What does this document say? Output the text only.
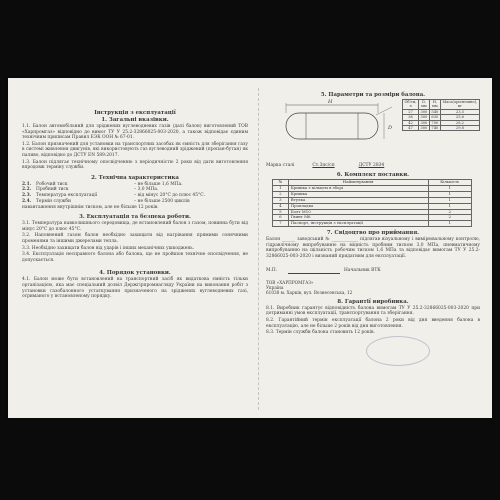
Інструкція з експлуатації
1. Загальні вказівки.

1.1. Балон автомобільний для зріджених вуглеводневих газів (далі балон) виготовлений ТОВ «Харпромгаз» відповідно до вимог ТУ У 25.2-32866025-003-2020, а також відповідає єдиним технічним приписам Правил ЕЭК ООН № 67-01.

1.2. Балон призначений для установки на транспортних засобах як ємність для зберігання газу в системі живлення двигунів, які використовують газ вуглеводний зріджений (пропан-бутан) як паливо, відповідно до ДСТУ EN 589:2017.

1.3. Балон підлягає технічному опосвідченню з періодичністю 2 роки від дати виготовлення впродовж терміну служби.

2. Технічна характеристика
2.1.	Робочий тиск	– не більше 1,6 МПа.
2.2.	Пробний тиск	– 3,0 МПа.
2.3.	Температура експлуатації	– від мінус 20°С до плюс 45°С.
2.4.	Термін служби	– не більше 2500 циклів

навантаження внутрішнім тиском, але не більше 12 років.

3. Експлуатація та безпека роботи.

3.1. Температура навколишнього середовища, де встановлений балон з газом, повинна бути від мінус 20°С до плюс 45°С.

3.2. Наповнений газом балон необхідно захищати від нагрівання прямими сонячними променями та іншими джерелами тепла.

3.3. Необхідно захищати балон від ударів і інших механічних ушкоджень.

3.4. Експлуатація несправного балона або балона, що не пройшов технічне опосвідчення, не допускається.

4. Порядок установки.

4.1. Балон може бути встановлений на транспортний засіб як видаткова ємність тільки організацією, яка має спеціальний дозвіл Держгірпромнагляду України на виконання робіт з установки газобалонного устаткування призначеного на зріджених вуглеводневих газі, отриманого у встановленому порядку.

5. Параметри та розміри балона.
H
D
Об'єм, л	D, мм	H, мм	Маса(орієнтовно), кг
27	300	540	23,5
36	300	630	25,6
42	300	700	28,2
47	300	740	29,8
Марка сталі	Ст.3пс/сп	ДСТУ 2834
6. Комплект поставки.
№	Найменування	Кількість
1	Кришка з кільцем в зборі	1
2	Кришка	1
3	Втулка	1
4	Прокладка	1
5	Болт М10	2
6	Гвинт М6	2
7	Паспорт, інструкція з експлуатації	1
7. Свідоцтво про приймання.

Балон ______ заводський № ____________ підлягав візуальному і вимірювальному контролю, гідравлічному випробуванню на міцність пробним тиском 3,0 МПа, пневматичному випробуванню на щільність робочим тиском 1,6 МПа та відповідає вимогам ТУ У 25.2-32866025-003-2020 і визнаний придатним для експлуатації.

М.П.	Начальник ВТК
ТОВ «ХАРПРОМГАЗ»
Україна
61038 м. Харків, вул. Вознесенська, 12
8. Гарантії виробника.

8.1. Виробник гарантує відповідність балона вимогам ТУ У 25.2-32866025-003-2020 при дотриманні умов експлуатації, транспортування та зберігання.

8.2. Гарантійний термін експлуатації балона 2 роки від дня введення балона в експлуатацію, але не більше 2 років від дня виготовлення.

8.3. Термін служби балона становить 12 років.
